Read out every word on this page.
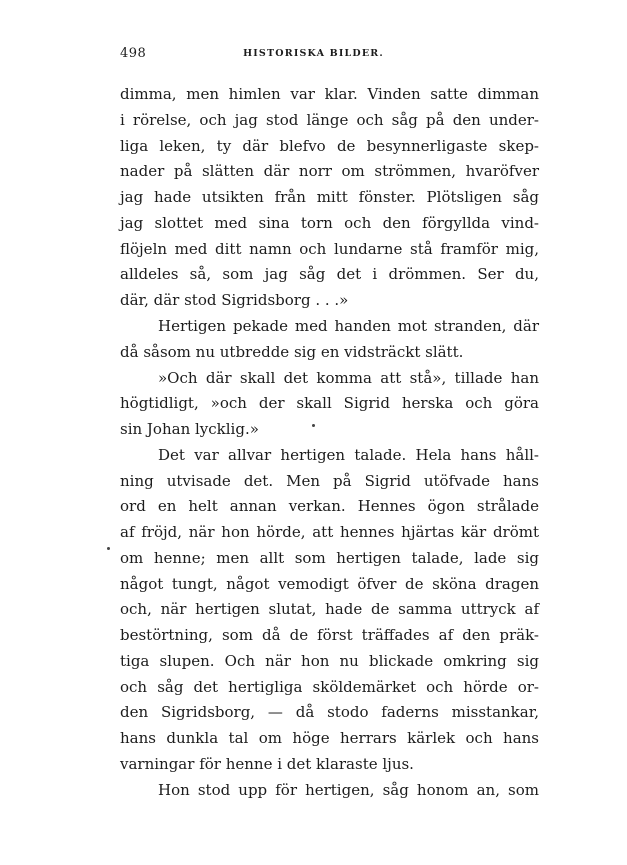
498	HISTORISKA BILDER.
dimma, men himlen var klar. Vinden satte dimman
i rörelse, och jag stod länge och såg på den under-
liga leken, ty där blefvo de besynnerligaste skep-
nader på slätten där norr om strömmen, hvaröfver
jag hade utsikten från mitt fönster. Plötsligen såg
jag slottet med sina torn och den förgyllda vind-
flöjeln med ditt namn och lundarne stå framför mig,
alldeles så, som jag såg det i drömmen. Ser du,
där, där stod Sigridsborg . . .»
Hertigen pekade med handen mot stranden, där
då såsom nu utbredde sig en vidsträckt slätt.
»Och där skall det komma att stå», tillade han
högtidligt, »och der skall Sigrid herska och göra
sin Johan lycklig.»
Det var allvar hertigen talade. Hela hans håll-
ning utvisade det. Men på Sigrid utöfvade hans
ord en helt annan verkan. Hennes ögon strålade
af fröjd, när hon hörde, att hennes hjärtas kär drömt
om henne; men allt som hertigen talade, lade sig
något tungt, något vemodigt öfver de sköna dragen
och, när hertigen slutat, hade de samma uttryck af
bestörtning, som då de först träffades af den präk-
tiga slupen. Och när hon nu blickade omkring sig
och såg det hertigliga sköldemärket och hörde or-
den Sigridsborg, — då stodo faderns misstankar,
hans dunkla tal om höge herrars kärlek och hans
varningar för henne i det klaraste ljus.
Hon stod upp för hertigen, såg honom an, som
